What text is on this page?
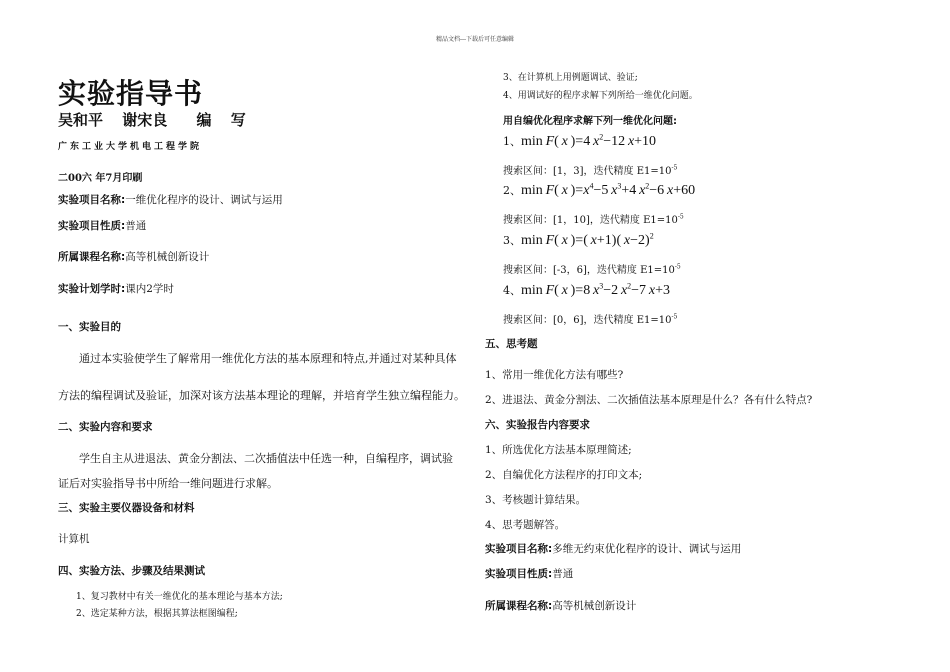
精品文档---下载后可任意编辑
实验指导书
吴和平 谢宋良 编 写
广东工业大学机电工程学院
二00六 年7月印刷
实验项目名称:一维优化程序的设计、调试与运用
实验项目性质:普通
所属课程名称:高等机械创新设计
实验计划学时:课内2学时
一、实验目的
通过本实验使学生了解常用一维优化方法的基本原理和特点,并通过对某种具体
方法的编程调试及验证，加深对该方法基本理论的理解，并培育学生独立编程能力。
二、实验内容和要求
学生自主从进退法、黄金分割法、二次插值法中任选一种，自编程序，调试验
证后对实验指导书中所给一维问题进行求解。
三、实验主要仪器设备和材料
计算机
四、实验方法、步骤及结果测试
1、复习教材中有关一维优化的基本理论与基本方法;
2、选定某种方法，根据其算法框图编程;
3、在计算机上用例题调试、验证;
4、用调试好的程序求解下列所给一维优化问题。
用自编优化程序求解下列一维优化问题:
1、min F( x )=4 $x^2-12$ x+10
搜索区间：[1，3]，迭代精度 $E1=10^{-5}$
2、min F( x )$=x^4-5$ $x^3+4$ $x^2-6$ x+60
搜索区间：[1，10]，迭代精度 $E1=10^{-5}$
3、min F( x )=( x+1)( x−2)$^2$
搜索区间：[-3，6]，迭代精度 $E1=10^{-5}$
4、min F( x )=8 $x^3-2$ $x^2-7$ x+3
搜索区间：[0，6]，迭代精度 $E1=10^{-5}$
五、思考题
1、常用一维优化方法有哪些?
2、进退法、黄金分割法、二次插值法基本原理是什么？各有什么特点?
六、实验报告内容要求
1、所选优化方法基本原理简述;
2、自编优化方法程序的打印文本;
3、考核题计算结果。
4、思考题解答。
实验项目名称:多维无约束优化程序的设计、调试与运用
实验项目性质:普通
所属课程名称:高等机械创新设计
